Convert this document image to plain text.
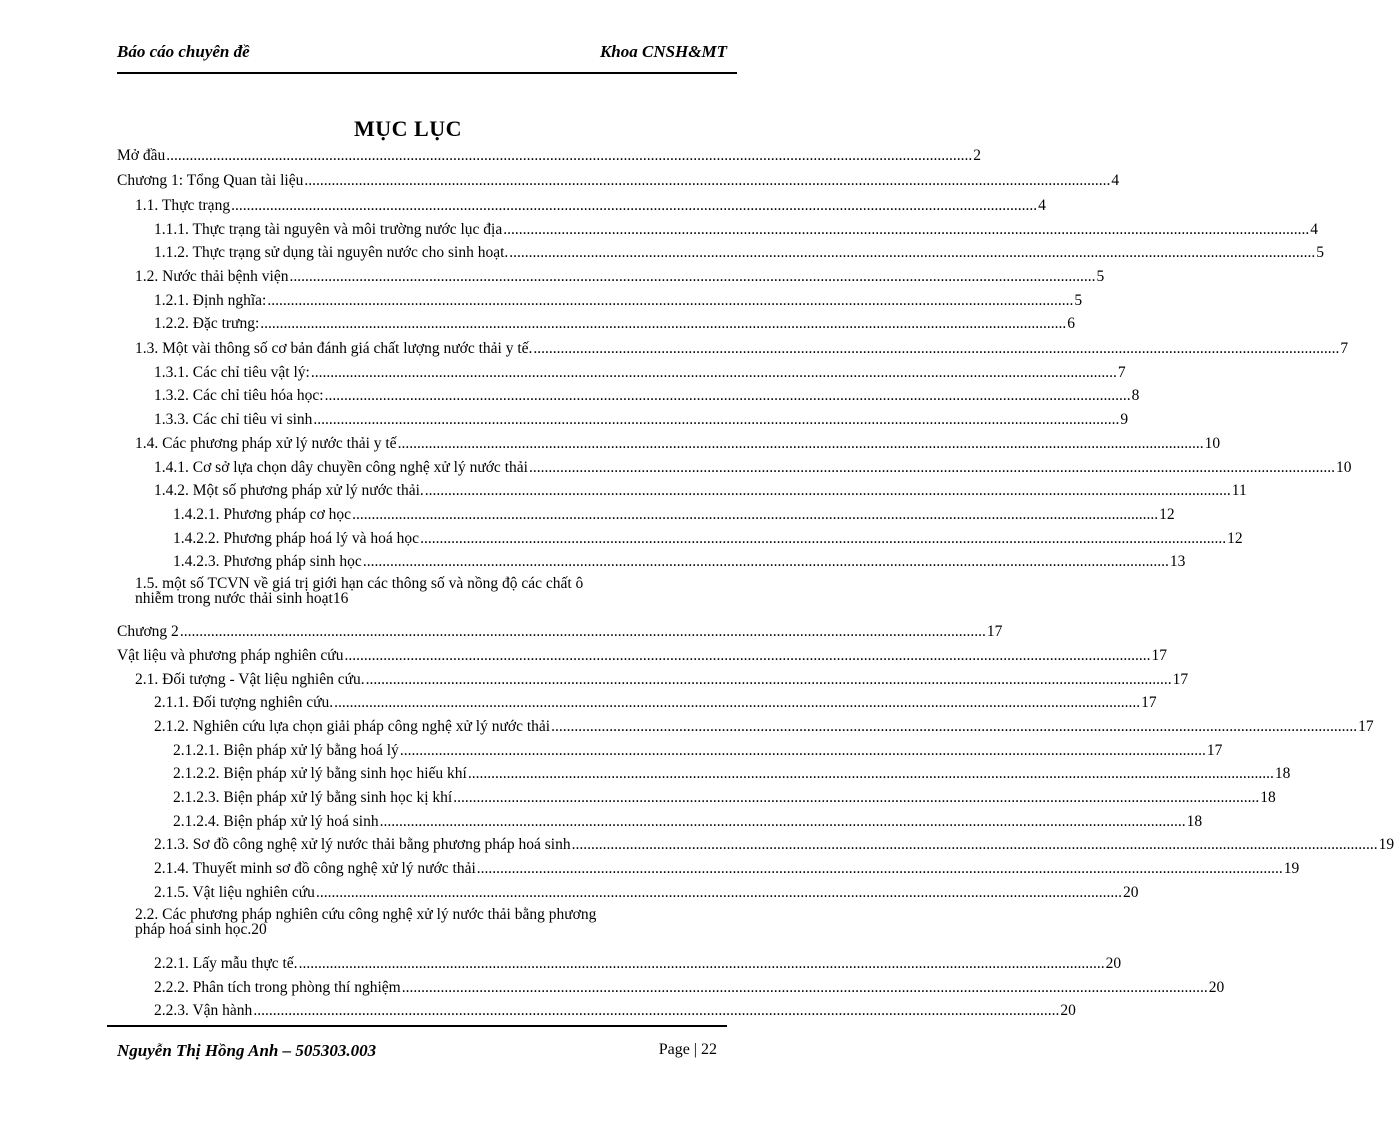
Báo cáo chuyên đề	Khoa CNSH&MT
MỤC LỤC
Mở đầu .....	2
Chương 1: Tổng Quan tài liệu .....	4
1.1. Thực trạng .....	4
1.1.1. Thực trạng tài nguyên và môi trường nước lục địa .....	4
1.1.2. Thực trạng sử dụng tài nguyên nước cho sinh hoạt. .....	5
1.2. Nước thải bệnh viện .....	5
1.2.1. Định nghĩa: .....	5
1.2.2. Đặc trưng: .....	6
1.3. Một vài thông số cơ bản đánh giá chất lượng nước thải y tế. .....	7
1.3.1. Các chỉ tiêu vật lý: .....	7
1.3.2. Các chỉ tiêu hóa học: .....	8
1.3.3. Các chỉ tiêu vi sinh .....	9
1.4. Các phương pháp xử lý nước thải y tế .....	10
1.4.1. Cơ sở lựa chọn dây chuyền công nghệ xử lý nước thải .....	10
1.4.2. Một số phương pháp xử lý nước thải. .....	11
1.4.2.1. Phương pháp cơ học .....	12
1.4.2.2. Phương pháp hoá lý và hoá học .....	12
1.4.2.3. Phương pháp sinh học .....	13
1.5. một số TCVN về giá trị giới hạn các thông số và nồng độ các chất ô
nhiễm trong nước thải sinh hoạt 16
Chương 2 .....	17
Vật liệu và phương pháp nghiên cứu .....	17
2.1. Đối tượng - Vật liệu nghiên cứu. .....	17
2.1.1. Đối tượng nghiên cứu. .....	17
2.1.2. Nghiên cứu lựa chọn giải pháp công nghệ xử lý nước thải .....	17
2.1.2.1. Biện pháp xử lý bằng hoá lý .....	17
2.1.2.2. Biện pháp xử lý bằng sinh học hiếu khí .....	18
2.1.2.3. Biện pháp xử lý bằng sinh học kị khí .....	18
2.1.2.4. Biện pháp xử lý hoá sinh .....	18
2.1.3. Sơ đồ công nghệ xử lý nước thải bằng phương pháp hoá sinh .....	19
2.1.4. Thuyết minh sơ đồ công nghệ xử lý nước thải .....	19
2.1.5. Vật liệu nghiên cứu .....	20
2.2. Các phương pháp nghiên cứu công nghệ xử lý nước thải bằng phương
pháp hoá sinh học. 20
2.2.1. Lấy mẫu thực tế. .....	20
2.2.2. Phân tích trong phòng thí nghiệm .....	20
2.2.3. Vận hành .....	20
Nguyễn Thị Hồng Anh – 505303.003	Page | 22
